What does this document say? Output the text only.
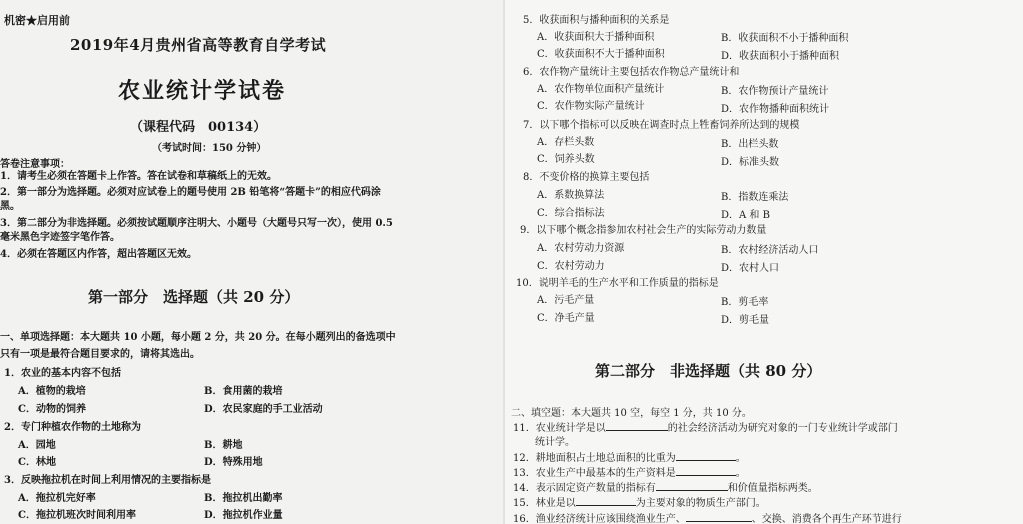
机密★启用前
2019年4月贵州省高等教育自学考试
农业统计学试卷
（课程代码　00134）
（考试时间：150 分钟）
答卷注意事项：
1．请考生必须在答题卡上作答。答在试卷和草稿纸上的无效。
2．第一部分为选择题。必须对应试卷上的题号使用 2B 铅笔将“答题卡”的相应代码涂黑。
3．第二部分为非选择题。必须按试题顺序注明大、小题号（大题号只写一次），使用 0.5 毫米黑色字迹签字笔作答。
4．必须在答题区内作答，超出答题区无效。
第一部分　选择题（共 20 分）
一、单项选择题：本大题共 10 小题，每小题 2 分，共 20 分。在每小题列出的备选项中只有一项是最符合题目要求的，请将其选出。
1．农业的基本内容不包括
A．植物的栽培	B．食用菌的栽培
C．动物的饲养	D．农民家庭的手工业活动
2．专门种植农作物的土地称为
A．园地	B．耕地
C．林地	D．特殊用地
3．反映拖拉机在时间上利用情况的主要指标是
A．拖拉机完好率	B．拖拉机出勤率
C．拖拉机班次时间利用率	D．拖拉机作业量
5．收获面积与播种面积的关系是
A．收获面积大于播种面积	B．收获面积不小于播种面积
C．收获面积不大于播种面积	D．收获面积小于播种面积
6．农作物产量统计主要包括农作物总产量统计和
A．农作物单位面积产量统计	B．农作物预计产量统计
C．农作物实际产量统计	D．农作物播种面积统计
7．以下哪个指标可以反映在调查时点上牲畜饲养所达到的规模
A．存栏头数	B．出栏头数
C．饲养头数	D．标准头数
8．不变价格的换算主要包括
A．系数换算法	B．指数连乘法
C．综合指标法	D．A 和 B
9．以下哪个概念指参加农村社会生产的实际劳动力数量
A．农村劳动力资源	B．农村经济活动人口
C．农村劳动力	D．农村人口
10．说明羊毛的生产水平和工作质量的指标是
A．污毛产量	B．剪毛率
C．净毛产量	D．剪毛量
第二部分　非选择题（共 80 分）
二、填空题：本大题共 10 空，每空 1 分，共 10 分。
11．农业统计学是以	的社会经济活动为研究对象的一门专业统计学或部门
统计学。
12．耕地面积占土地总面积的比重为	。
13．农业生产中最基本的生产资料是	。
14．表示固定资产数量的指标有	和价值量指标两类。
15．林业是以	为主要对象的物质生产部门。
16．渔业经济统计应该围绕渔业生产、	、交换、消费各个再生产环节进行
